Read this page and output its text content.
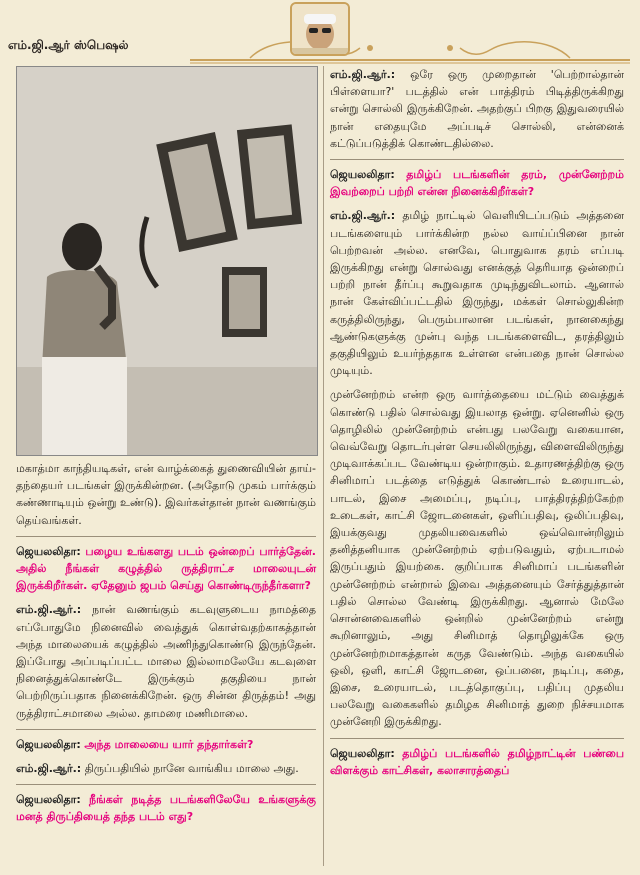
எம்.ஜி.ஆர் ஸ்பெஷல்

மகாத்மா காந்தியடிகள், என் வாழ்க்கைத் துணைவியின் தாய்-தந்தையர் படங்கள் இருக்கின்றன. (அதோடு முகம் பார்க்கும் கண்ணாடியும் ஒன்று உண்டு). இவர்கள்தான் நான் வணங்கும் தெய்வங்கள்.

ஜெயலலிதா: பழைய உங்களது படம் ஒன்றைப் பார்த்தேன். அதில் நீங்கள் கழுத்தில் ருத்திராட்ச மாலையுடன் இருக்கிறீர்கள். ஏதேனும் ஜபம் செய்து கொண்டிருந்தீர்களா?

எம்.ஜி.ஆர்.: நான் வணங்கும் கடவுளுடைய நாமத்தை எப்போதுமே நினைவில் வைத்துக் கொள்வதற்காகத்தான் அந்த மாலையைக் கழுத்தில் அணிந்துகொண்டு இருந்தேன். இப்போது அப்படிப்பட்ட மாலை இல்லாமலேயே கடவுளை நினைத்துக்கொண்டே இருக்கும் தகுதியை நான் பெற்றிருப்பதாக நினைக்கிறேன். ஒரு சின்ன திருத்தம்! அது ருத்திராட்சமாலை அல்ல. தாமரை மணிமாலை.

ஜெயலலிதா: அந்த மாலையை யார் தந்தார்கள்?

எம்.ஜி.ஆர்.: திருப்பதியில் நானே வாங்கிய மாலை அது.

ஜெயலலிதா: நீங்கள் நடித்த படங்களிலேயே உங்களுக்கு மனத் திருப்தியைத் தந்த படம் எது?

எம்.ஜி.ஆர்.: ஒரே ஒரு முறைதான் 'பெற்றால்தான் பிள்ளையா?' படத்தில் என் பாத்திரம் பிடித்திருக்கிறது என்று சொல்லி இருக்கிறேன். அதற்குப் பிறகு இதுவரையில் நான் எதையுமே அப்படிச் சொல்லி, என்னைக் கட்டுப்படுத்திக் கொண்டதில்லை.

ஜெயலலிதா: தமிழ்ப் படங்களின் தரம், முன்னேற்றம் இவற்றைப் பற்றி என்ன நினைக்கிறீர்கள்?

எம்.ஜி.ஆர்.: தமிழ் நாட்டில் வெளியிடப்படும் அத்தனை படங்களையும் பார்க்கின்ற நல்ல வாய்ப்பினை நான் பெற்றவன் அல்ல. எனவே, பொதுவாக தரம் எப்படி இருக்கிறது என்று சொல்வது எனக்குத் தெரியாத ஒன்றைப் பற்றி நான் தீர்ப்பு கூறுவதாக முடிந்துவிடலாம். ஆனால் நான் கேள்விப்பட்டதில் இருந்து, மக்கள் சொல்லுகின்ற கருத்திலிருந்து, பெரும்பாலான படங்கள், நானகைந்து ஆண்டுகளுக்கு முன்பு வந்த படங்களைவிட, தரத்திலும் தகுதியிலும் உயர்ந்ததாக உள்ளன என்பதை நான் சொல்ல முடியும்.

முன்னேற்றம் என்ற ஒரு வார்த்தையை மட்டும் வைத்துக் கொண்டு பதில் சொல்வது இயலாத ஒன்று. ஏனெனில் ஒரு தொழிலில் முன்னேற்றம் என்பது பலவேறு வகையான, வெவ்வேறு தொடர்புள்ள செயலிலிருந்து, விளைவிலிருந்து முடிவாக்கப்பட வேண்டிய ஒன்றாகும். உதாரணத்திற்கு ஒரு சினிமாப் படத்தை எடுத்துக் கொண்டால் உரையாடல், பாடல், இசை அமைப்பு, நடிப்பு, பாத்திரத்திற்கேற்ற உடைகள், காட்சி ஜோடனைகள், ஒளிப்பதிவு, ஒலிப்பதிவு, இயக்குவது முதலியவைகளில் ஒவ்வொன்றிலும் தனித்தனியாக முன்னேற்றம் ஏற்படுவதும், ஏற்படாமல் இருப்பதும் இயற்கை. குறிப்பாக சினிமாப் படங்களின் முன்னேற்றம் என்றால் இவை அத்தனையும் சேர்த்துத்தான் பதில் சொல்ல வேண்டி இருக்கிறது. ஆனால் மேலே சொன்னவைகளில் ஒன்றில் முன்னேற்றம் என்று கூறினாலும், அது சினிமாத் தொழிலுக்கே ஒரு முன்னேற்றமாகத்தான் கருத வேண்டும். அந்த வகையில் ஒலி, ஒளி, காட்சி ஜோடனை, ஒப்பனை, நடிப்பு, கதை, இசை, உரையாடல், படத்தொகுப்பு, பதிப்பு முதலிய பலவேறு வகைகளில் தமிழக சினிமாத் துறை நிச்சயமாக முன்னேறி இருக்கிறது.

ஜெயலலிதா: தமிழ்ப் படங்களில் தமிழ்நாட்டின் பண்பை விளக்கும் காட்சிகள், கலாசாரத்தைப்
